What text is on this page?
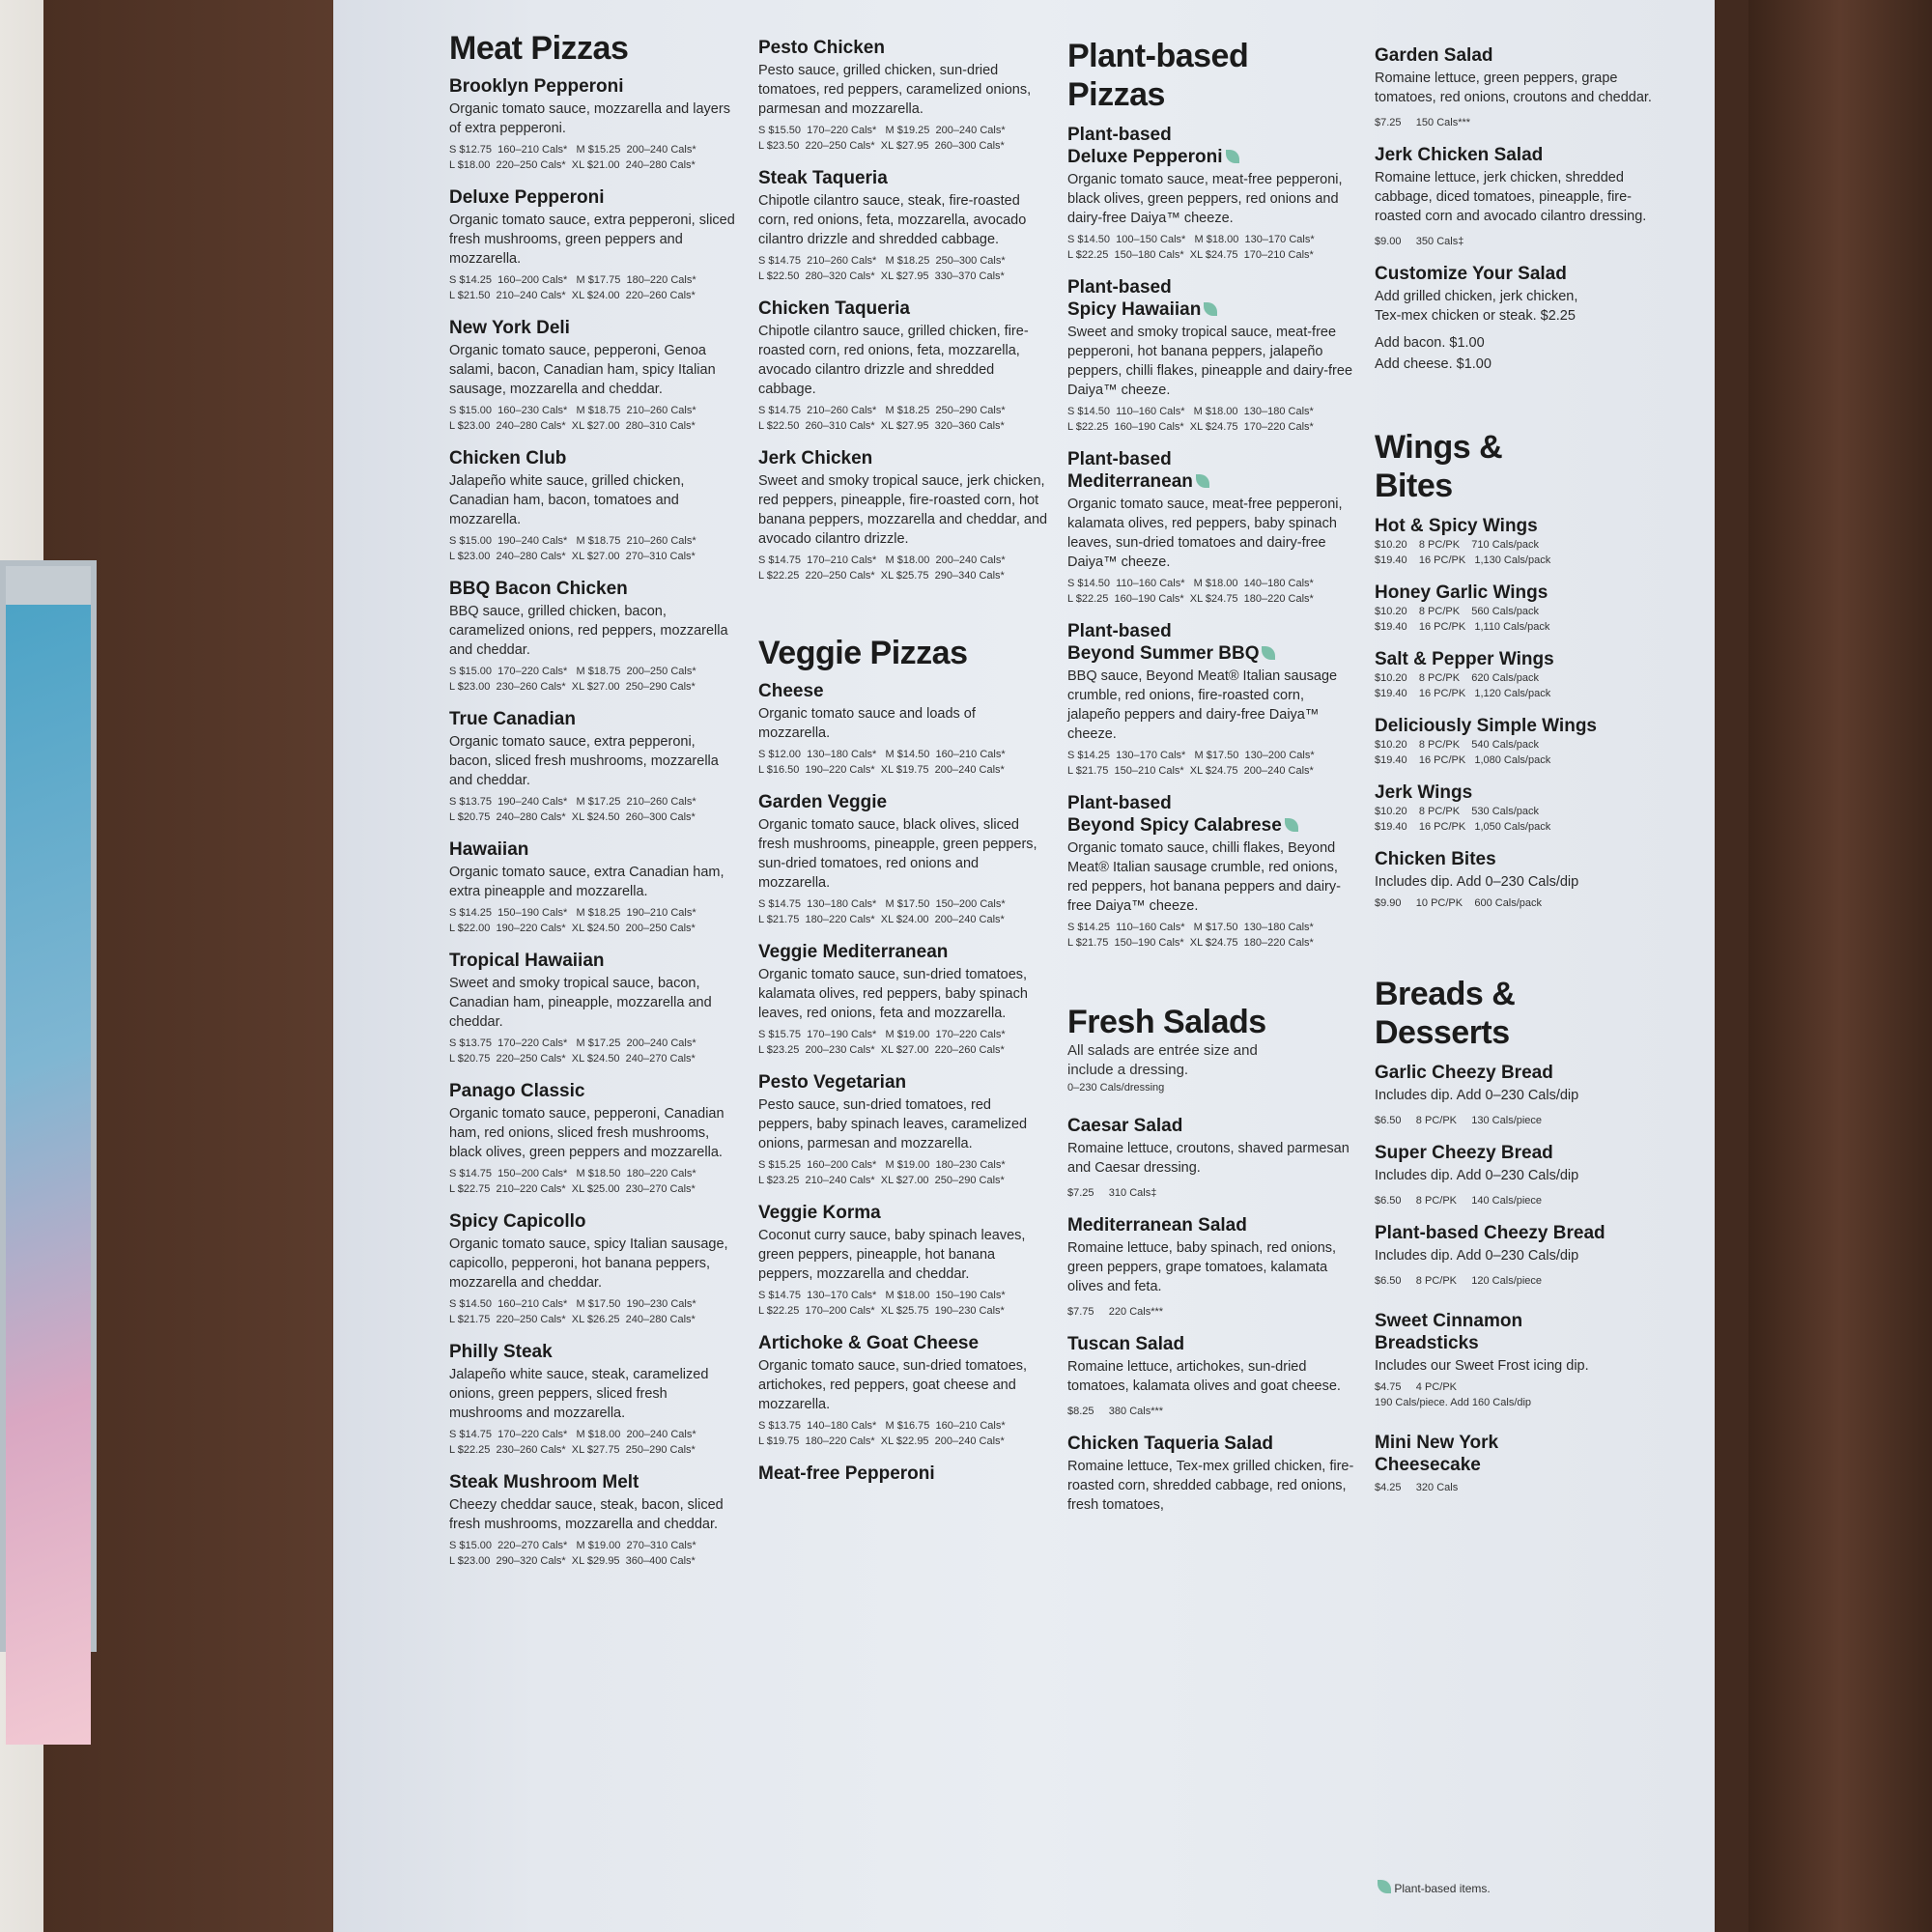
Meat Pizzas
Brooklyn Pepperoni
Organic tomato sauce, mozzarella and layers of extra pepperoni.
S $12.75  160–210 Cals*   M $15.25  200–240 Cals*
L $18.00  220–250 Cals*  XL $21.00  240–280 Cals*
Deluxe Pepperoni
Organic tomato sauce, extra pepperoni, sliced fresh mushrooms, green peppers and mozzarella.
S $14.25  160–200 Cals*   M $17.75  180–220 Cals*
L $21.50  210–240 Cals*  XL $24.00  220–260 Cals*
New York Deli
Organic tomato sauce, pepperoni, Genoa salami, bacon, Canadian ham, spicy Italian sausage, mozzarella and cheddar.
S $15.00  160–230 Cals*   M $18.75  210–260 Cals*
L $23.00  240–280 Cals*  XL $27.00  280–310 Cals*
Chicken Club
Jalapeño white sauce, grilled chicken, Canadian ham, bacon, tomatoes and mozzarella.
S $15.00  190–240 Cals*   M $18.75  210–260 Cals*
L $23.00  240–280 Cals*  XL $27.00  270–310 Cals*
BBQ Bacon Chicken
BBQ sauce, grilled chicken, bacon, caramelized onions, red peppers, mozzarella and cheddar.
S $15.00  170–220 Cals*   M $18.75  200–250 Cals*
L $23.00  230–260 Cals*  XL $27.00  250–290 Cals*
True Canadian
Organic tomato sauce, extra pepperoni, bacon, sliced fresh mushrooms, mozzarella and cheddar.
S $13.75  190–240 Cals*   M $17.25  210–260 Cals*
L $20.75  240–280 Cals*  XL $24.50  260–300 Cals*
Hawaiian
Organic tomato sauce, extra Canadian ham, extra pineapple and mozzarella.
S $14.25  150–190 Cals*   M $18.25  190–210 Cals*
L $22.00  190–220 Cals*  XL $24.50  200–250 Cals*
Tropical Hawaiian
Sweet and smoky tropical sauce, bacon, Canadian ham, pineapple, mozzarella and cheddar.
S $13.75  170–220 Cals*   M $17.25  200–240 Cals*
L $20.75  220–250 Cals*  XL $24.50  240–270 Cals*
Panago Classic
Organic tomato sauce, pepperoni, Canadian ham, red onions, sliced fresh mushrooms, black olives, green peppers and mozzarella.
S $14.75  150–200 Cals*   M $18.50  180–220 Cals*
L $22.75  210–220 Cals*  XL $25.00  230–270 Cals*
Spicy Capicollo
Organic tomato sauce, spicy Italian sausage, capicollo, pepperoni, hot banana peppers, mozzarella and cheddar.
S $14.50  160–210 Cals*   M $17.50  190–230 Cals*
L $21.75  220–250 Cals*  XL $26.25  240–280 Cals*
Philly Steak
Jalapeño white sauce, steak, caramelized onions, green peppers, sliced fresh mushrooms and mozzarella.
S $14.75  170–220 Cals*   M $18.00  200–240 Cals*
L $22.25  230–260 Cals*  XL $27.75  250–290 Cals*
Steak Mushroom Melt
Cheezy cheddar sauce, steak, bacon, sliced fresh mushrooms, mozzarella and cheddar.
S $15.00  220–270 Cals*   M $19.00  270–310 Cals*
L $23.00  290–320 Cals*  XL $29.95  360–400 Cals*
Pesto Chicken
Pesto sauce, grilled chicken, sun-dried tomatoes, red peppers, caramelized onions, parmesan and mozzarella.
S $15.50  170–220 Cals*   M $19.25  200–240 Cals*
L $23.50  220–250 Cals*  XL $27.95  260–300 Cals*
Steak Taqueria
Chipotle cilantro sauce, steak, fire-roasted corn, red onions, feta, mozzarella, avocado cilantro drizzle and shredded cabbage.
S $14.75  210–260 Cals*   M $18.25  250–300 Cals*
L $22.50  280–320 Cals*  XL $27.95  330–370 Cals*
Chicken Taqueria
Chipotle cilantro sauce, grilled chicken, fire-roasted corn, red onions, feta, mozzarella, avocado cilantro drizzle and shredded cabbage.
S $14.75  210–260 Cals*   M $18.25  250–290 Cals*
L $22.50  260–310 Cals*  XL $27.95  320–360 Cals*
Jerk Chicken
Sweet and smoky tropical sauce, jerk chicken, red peppers, pineapple, fire-roasted corn, hot banana peppers, mozzarella and cheddar, and avocado cilantro drizzle.
S $14.75  170–210 Cals*   M $18.00  200–240 Cals*
L $22.25  220–250 Cals*  XL $25.75  290–340 Cals*
Veggie Pizzas
Cheese
Organic tomato sauce and loads of mozzarella.
S $12.00  130–180 Cals*   M $14.50  160–210 Cals*
L $16.50  190–220 Cals*  XL $19.75  200–240 Cals*
Garden Veggie
Organic tomato sauce, black olives, sliced fresh mushrooms, pineapple, green peppers, sun-dried tomatoes, red onions and mozzarella.
S $14.75  130–180 Cals*   M $17.50  150–200 Cals*
L $21.75  180–220 Cals*  XL $24.00  200–240 Cals*
Veggie Mediterranean
Organic tomato sauce, sun-dried tomatoes, kalamata olives, red peppers, baby spinach leaves, red onions, feta and mozzarella.
S $15.75  170–190 Cals*   M $19.00  170–220 Cals*
L $23.25  200–230 Cals*  XL $27.00  220–260 Cals*
Pesto Vegetarian
Pesto sauce, sun-dried tomatoes, red peppers, baby spinach leaves, caramelized onions, parmesan and mozzarella.
S $15.25  160–200 Cals*   M $19.00  180–230 Cals*
L $23.25  210–240 Cals*  XL $27.00  250–290 Cals*
Veggie Korma
Coconut curry sauce, baby spinach leaves, green peppers, pineapple, hot banana peppers, mozzarella and cheddar.
S $14.75  130–170 Cals*   M $18.00  150–190 Cals*
L $22.25  170–200 Cals*  XL $25.75  190–230 Cals*
Artichoke & Goat Cheese
Organic tomato sauce, sun-dried tomatoes, artichokes, red peppers, goat cheese and mozzarella.
S $13.75  140–180 Cals*   M $16.75  160–210 Cals*
L $19.75  180–220 Cals*  XL $22.95  200–240 Cals*
Meat-free Pepperoni
Plant-based
Pizzas
Plant-based
Deluxe Pepperoni
Organic tomato sauce, meat-free pepperoni, black olives, green peppers, red onions and dairy-free Daiya™ cheeze.
S $14.50  100–150 Cals*   M $18.00  130–170 Cals*
L $22.25  150–180 Cals*  XL $24.75  170–210 Cals*
Plant-based
Spicy Hawaiian
Sweet and smoky tropical sauce, meat-free pepperoni, hot banana peppers, jalapeño peppers, chilli flakes, pineapple and dairy-free Daiya™ cheeze.
S $14.50  110–160 Cals*   M $18.00  130–180 Cals*
L $22.25  160–190 Cals*  XL $24.75  170–220 Cals*
Plant-based
Mediterranean
Organic tomato sauce, meat-free pepperoni, kalamata olives, red peppers, baby spinach leaves, sun-dried tomatoes and dairy-free Daiya™ cheeze.
S $14.50  110–160 Cals*   M $18.00  140–180 Cals*
L $22.25  160–190 Cals*  XL $24.75  180–220 Cals*
Plant-based
Beyond Summer BBQ
BBQ sauce, Beyond Meat® Italian sausage crumble, red onions, fire-roasted corn, jalapeño peppers and dairy-free Daiya™ cheeze.
S $14.25  130–170 Cals*   M $17.50  130–200 Cals*
L $21.75  150–210 Cals*  XL $24.75  200–240 Cals*
Plant-based
Beyond Spicy Calabrese
Organic tomato sauce, chilli flakes, Beyond Meat® Italian sausage crumble, red onions, red peppers, hot banana peppers and dairy-free Daiya™ cheeze.
S $14.25  110–160 Cals*   M $17.50  130–180 Cals*
L $21.75  150–190 Cals*  XL $24.75  180–220 Cals*
Fresh Salads
All salads are entrée size and include a dressing.
0–230 Cals/dressing
Caesar Salad
Romaine lettuce, croutons, shaved parmesan and Caesar dressing.
$7.25     310 Cals‡
Mediterranean Salad
Romaine lettuce, baby spinach, red onions, green peppers, grape tomatoes, kalamata olives and feta.
$7.75     220 Cals***
Tuscan Salad
Romaine lettuce, artichokes, sun-dried tomatoes, kalamata olives and goat cheese.
$8.25     380 Cals***
Chicken Taqueria Salad
Romaine lettuce, Tex-mex grilled chicken, fire-roasted corn, shredded cabbage, red onions, fresh tomatoes,
Garden Salad
Romaine lettuce, green peppers, grape tomatoes, red onions, croutons and cheddar.
$7.25     150 Cals***
Jerk Chicken Salad
Romaine lettuce, jerk chicken, shredded cabbage, diced tomatoes, pineapple, fire-roasted corn and avocado cilantro dressing.
$9.00     350 Cals‡
Customize Your Salad
Add grilled chicken, jerk chicken, Tex-mex chicken or steak. $2.25
Add bacon. $1.00
Add cheese. $1.00
Wings &
Bites
Hot & Spicy Wings
$10.20    8 PC/PK    710 Cals/pack
$19.40    16 PC/PK   1,130 Cals/pack
Honey Garlic Wings
$10.20    8 PC/PK    560 Cals/pack
$19.40    16 PC/PK   1,110 Cals/pack
Salt & Pepper Wings
$10.20    8 PC/PK    620 Cals/pack
$19.40    16 PC/PK   1,120 Cals/pack
Deliciously Simple Wings
$10.20    8 PC/PK    540 Cals/pack
$19.40    16 PC/PK   1,080 Cals/pack
Jerk Wings
$10.20    8 PC/PK    530 Cals/pack
$19.40    16 PC/PK   1,050 Cals/pack
Chicken Bites
Includes dip. Add 0–230 Cals/dip
$9.90     10 PC/PK    600 Cals/pack
Breads &
Desserts
Garlic Cheezy Bread
Includes dip. Add 0–230 Cals/dip
$6.50     8 PC/PK     130 Cals/piece
Super Cheezy Bread
Includes dip. Add 0–230 Cals/dip
$6.50     8 PC/PK     140 Cals/piece
Plant-based Cheezy Bread
Includes dip. Add 0–230 Cals/dip
$6.50     8 PC/PK     120 Cals/piece
Sweet Cinnamon
Breadsticks
Includes our Sweet Frost icing dip.
$4.75     4 PC/PK
190 Cals/piece. Add 160 Cals/dip
Mini New York
Cheesecake
$4.25     320 Cals
Plant-based items.
